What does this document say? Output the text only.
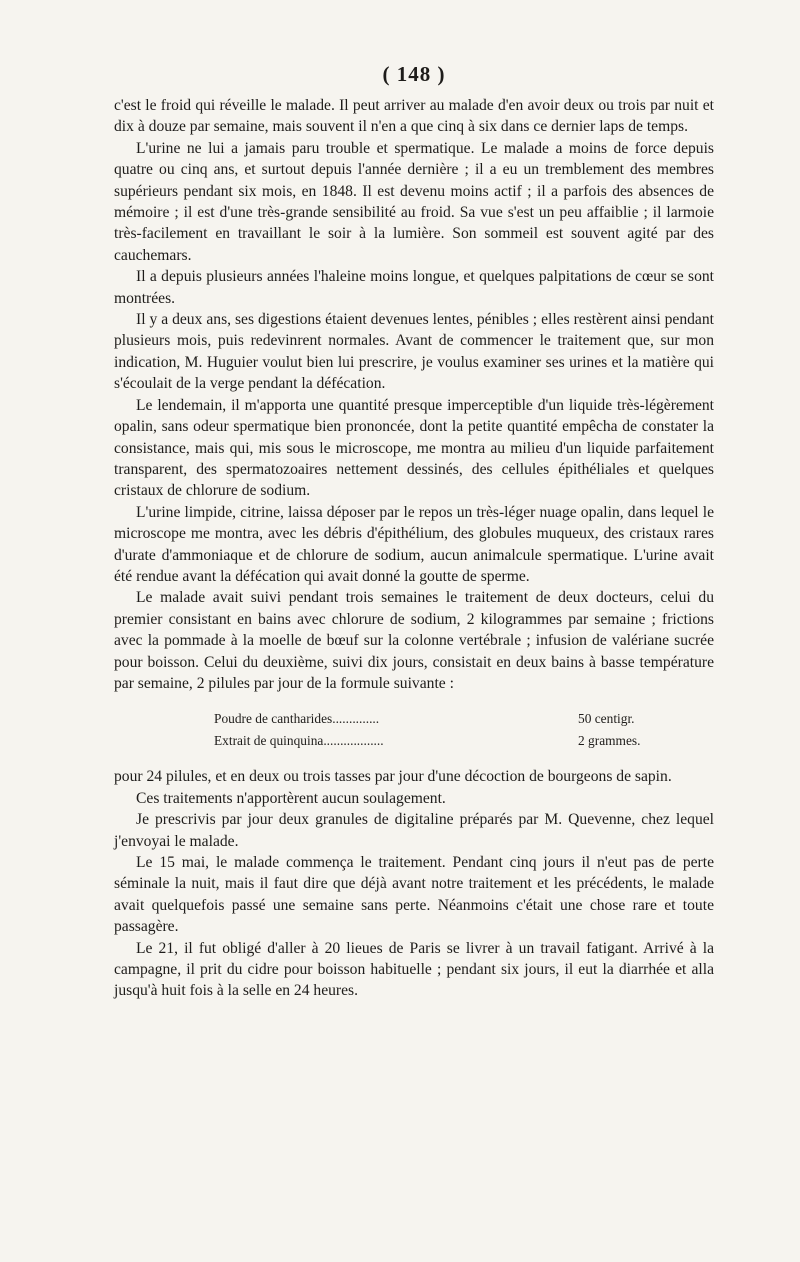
( 148 )

c'est le froid qui réveille le malade. Il peut arriver au malade d'en avoir deux ou trois par nuit et dix à douze par semaine, mais souvent il n'en a que cinq à six dans ce dernier laps de temps.

L'urine ne lui a jamais paru trouble et spermatique. Le malade a moins de force depuis quatre ou cinq ans, et surtout depuis l'année dernière ; il a eu un tremblement des membres supérieurs pendant six mois, en 1848. Il est devenu moins actif ; il a parfois des absences de mémoire ; il est d'une très-grande sensibilité au froid. Sa vue s'est un peu affaiblie ; il larmoie très-facilement en travaillant le soir à la lumière. Son sommeil est souvent agité par des cauchemars.

Il a depuis plusieurs années l'haleine moins longue, et quelques palpitations de cœur se sont montrées.

Il y a deux ans, ses digestions étaient devenues lentes, pénibles ; elles restèrent ainsi pendant plusieurs mois, puis redevinrent normales. Avant de commencer le traitement que, sur mon indication, M. Huguier voulut bien lui prescrire, je voulus examiner ses urines et la matière qui s'écoulait de la verge pendant la défécation.

Le lendemain, il m'apporta une quantité presque imperceptible d'un liquide très-légèrement opalin, sans odeur spermatique bien prononcée, dont la petite quantité empêcha de constater la consistance, mais qui, mis sous le microscope, me montra au milieu d'un liquide parfaitement transparent, des spermatozoaires nettement dessinés, des cellules épithéliales et quelques cristaux de chlorure de sodium.

L'urine limpide, citrine, laissa déposer par le repos un très-léger nuage opalin, dans lequel le microscope me montra, avec les débris d'épithélium, des globules muqueux, des cristaux rares d'urate d'ammoniaque et de chlorure de sodium, aucun animalcule spermatique. L'urine avait été rendue avant la défécation qui avait donné la goutte de sperme.

Le malade avait suivi pendant trois semaines le traitement de deux docteurs, celui du premier consistant en bains avec chlorure de sodium, 2 kilogrammes par semaine ; frictions avec la pommade à la moelle de bœuf sur la colonne vertébrale ; infusion de valériane sucrée pour boisson. Celui du deuxième, suivi dix jours, consistait en deux bains à basse température par semaine, 2 pilules par jour de la formule suivante :

Poudre de cantharides..............	50 centigr.
Extrait de quinquina..................	2 grammes.

pour 24 pilules, et en deux ou trois tasses par jour d'une décoction de bourgeons de sapin.

Ces traitements n'apportèrent aucun soulagement.

Je prescrivis par jour deux granules de digitaline préparés par M. Quevenne, chez lequel j'envoyai le malade.

Le 15 mai, le malade commença le traitement. Pendant cinq jours il n'eut pas de perte séminale la nuit, mais il faut dire que déjà avant notre traitement et les précédents, le malade avait quelquefois passé une semaine sans perte. Néanmoins c'était une chose rare et toute passagère.

Le 21, il fut obligé d'aller à 20 lieues de Paris se livrer à un travail fatigant. Arrivé à la campagne, il prit du cidre pour boisson habituelle ; pendant six jours, il eut la diarrhée et alla jusqu'à huit fois à la selle en 24 heures.
